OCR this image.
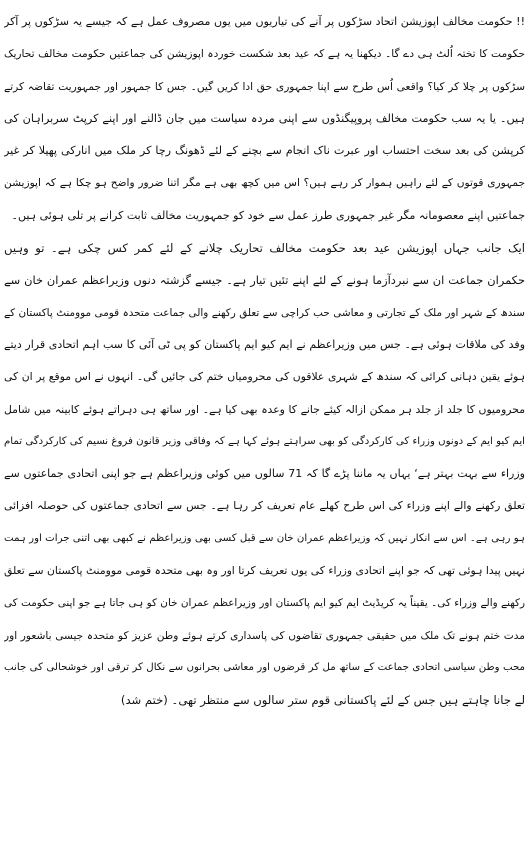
!! حکومت مخالف اپوزیشن اتحاد سڑکوں پر آنے کی تیاریوں میں یوں مصروف عمل ہے کہ جیسے یہ سڑکوں پر آکر
حکومت کا تختہ اُلٹ ہی دے گا۔ دیکھنا یہ ہے کہ عید بعد شکست خوردہ اپوزیشن کی جماعتیں حکومت مخالف تحاریک
سڑکوں پر چلا کر کیا؟ واقعی اُس طرح سے اپنا جمہوری حق ادا کریں گیں۔ جس کا جمہور اور جمہوریت تقاضہ کرتے
ہیں۔ یا یہ سب حکومت مخالف پروپیگنڈوں سے اپنی مردہ سیاست میں جان ڈالنے اور اپنے کرپٹ سربراہان کی
کرپشن کی بعد سخت احتساب اور عبرت ناک انجام سے بچنے کے لئے ڈھونگ رچا کر ملک میں انارکی پھیلا کر غیر
جمہوری قوتوں کے لئے راہیں ہموار کر رہے ہیں؟ اس میں کچھ بھی ہے مگر اتنا ضرور واضح ہو چکا ہے کہ اپوزیشن
جماعتیں اپنے معصومانہ مگر غیر جمہوری طرز عمل سے خود کو جمہوریت مخالف ثابت کرانے پر تلی ہوئی ہیں۔
ایک جانب جہاں اپوزیشن عید بعد حکومت مخالف تحاریک چلانے کے لئے کمر کس چکی ہے۔ تو وہیں
حکمران جماعت ان سے نبردآزما ہونے کے لئے اپنے تئیں تیار ہے۔ جیسے گزشتہ دنوں وزیراعظم عمران خان سے
سندھ کے شہر اور ملک کے تجارتی و معاشی حب کراچی سے تعلق رکھنے والی جماعت متحدہ قومی موومنٹ پاکستان کے
وفد کی ملاقات ہوئی ہے۔ جس میں وزیراعظم نے ایم کیو ایم پاکستان کو پی ٹی آئی کا سب اہم اتحادی قرار دیتے
ہوئے یقین دہانی کرائی کہ سندھ کے شہری علاقوں کی محرومیاں ختم کی جائیں گی۔ انہوں نے اس موقع پر ان کی
محرومیوں کا جلد از جلد ہر ممکن ازالہ کیئے جانے کا وعدہ بھی کیا ہے۔ اور ساتھ ہی دہراتے ہوئے کابینہ میں شامل
ایم کیو ایم کے دونوں وزراء کی کارکردگی کو بھی سراہتے ہوئے کہا ہے کہ وفاقی وزیر قانون فروغ نسیم کی کارکردگی تمام
وزراء سے بہت بہتر ہے‘ یہاں یہ ماننا پڑے گا کہ 71 سالوں میں کوئی وزیراعظم ہے جو اپنی اتحادی جماعتوں سے
تعلق رکھنے والے اپنے وزراء کی اس طرح کھلے عام تعریف کر رہا ہے۔ جس سے اتحادی جماعتوں کی حوصلہ افزائی
ہو رہی ہے۔ اس سے انکار نہیں کہ وزیراعظم عمران خان سے قبل کسی بھی وزیراعظم نے کبھی بھی اتنی جرات اور ہمت
نہیں پیدا ہوئی تھی کہ جو اپنے اتحادی وزراء کی یوں تعریف کرتا اور وہ بھی متحدہ قومی موومنٹ پاکستان سے تعلق
رکھنے والے وزراء کی۔ یقیناً یہ کریڈیٹ ایم کیو ایم پاکستان اور وزیراعظم عمران خان کو ہی جاتا ہے جو اپنی حکومت کی
مدت ختم ہونے تک ملک میں حقیقی جمہوری تقاضوں کی پاسداری کرتے ہوئے وطن عزیز کو متحدہ جیسی باشعور اور
محب وطن سیاسی اتحادی جماعت کے ساتھ مل کر قرضوں اور معاشی بحرانوں سے نکال کر ترقی اور خوشحالی کی جانب
لے جانا چاہتے ہیں جس کے لئے پاکستانی قوم ستر سالوں سے منتظر تھی۔ (ختم شد)
